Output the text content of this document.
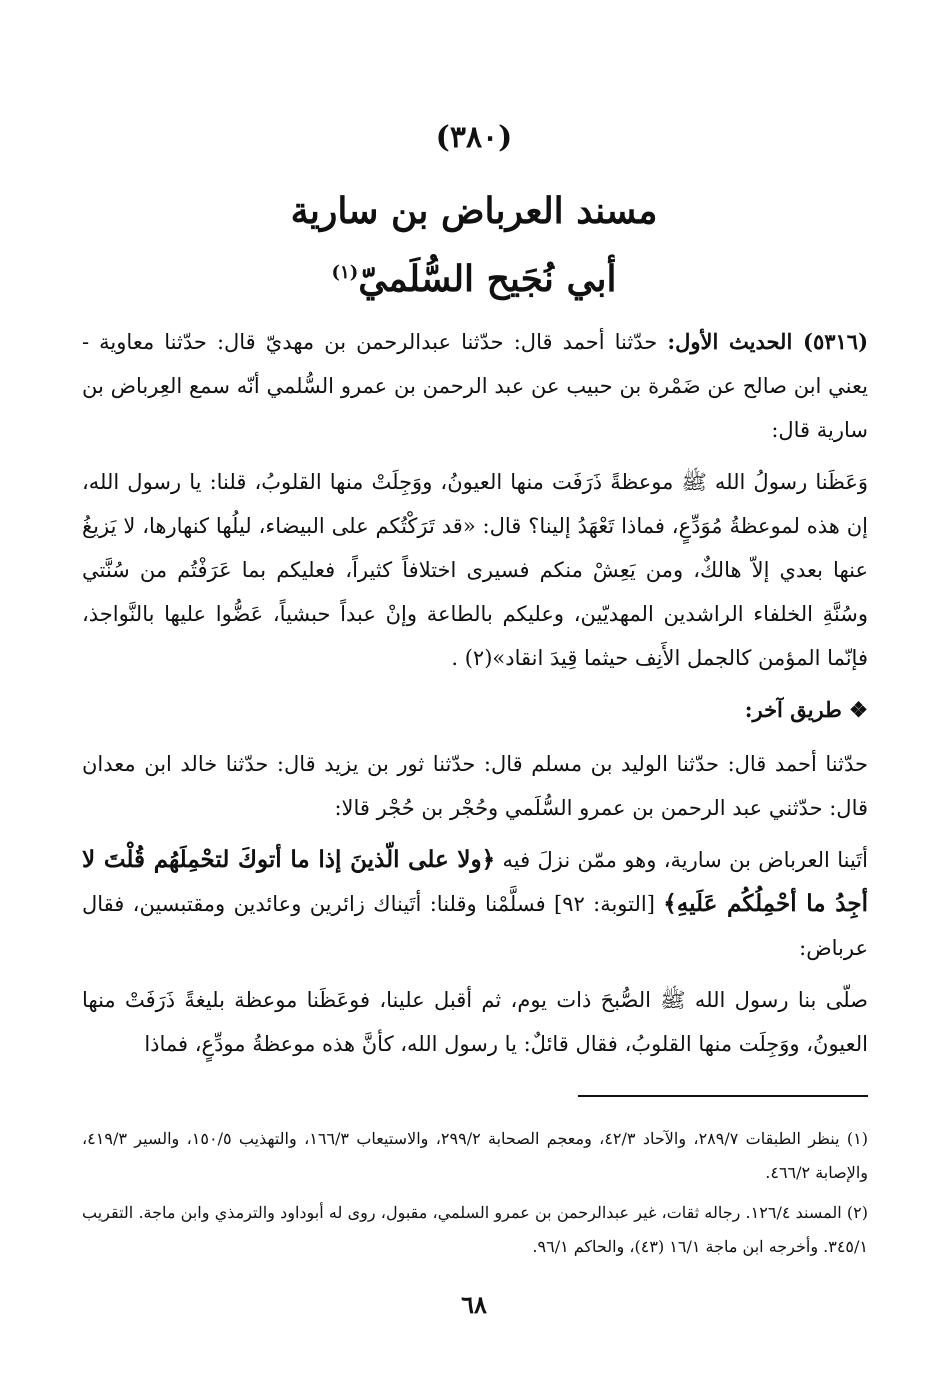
(٣٨٠)
مسند العرباض بن سارية
أبي نُجَيح السُّلَميّ$^{(١)}$

(٥٣١٦) الحديث الأول: حدّثنا أحمد قال: حدّثنا عبدالرحمن بن مهديّ قال: حدّثنا معاوية - يعني ابن صالح عن ضَمْرة بن حبيب عن عبد الرحمن بن عمرو السُّلمي أنّه سمع العِرباض بن سارية قال:

وَعَظَنا رسولُ الله ﷺ موعظةً ذَرَفَت منها العيونُ، ووَجِلَتْ منها القلوبُ، قلنا: يا رسول الله، إن هذه لموعظةُ مُوَدِّعٍ، فماذا تَعْهَدُ إلينا؟ قال: «قد تَرَكْتُكم على البيضاء، ليلُها كنهارها، لا يَزيغُ عنها بعدي إلاّ هالكٌ، ومن يَعِشْ منكم فسيرى اختلافاً كثيراً، فعليكم بما عَرَفْتُم من سُنَّتي وسُنَّةِ الخلفاء الراشدين المهديّين، وعليكم بالطاعة وإنْ عبداً حبشياً، عَضُّوا عليها بالنَّواجذ، فإنّما المؤمن كالجمل الأَنِف حيثما قِيدَ انقاد»(٢) .

❖ طريق آخر:

حدّثنا أحمد قال: حدّثنا الوليد بن مسلم قال: حدّثنا ثور بن يزيد قال: حدّثنا خالد ابن معدان قال: حدّثني عبد الرحمن بن عمرو السُّلَمي وحُجْر بن حُجْر قالا:

أتَينا العرباض بن سارية، وهو ممّن نزلَ فيه ﴿ولا على الّذينَ إذا ما أتوكَ لتحْمِلَهُم قُلْتَ لا أجِدُ ما أحْمِلُكُم عَلَيهِ﴾ [التوبة: ٩٢] فسلَّمْنا وقلنا: أتَيناك زائرين وعائدين ومقتبسين، فقال عرباض:

صلّى بنا رسول الله ﷺ الصُّبحَ ذات يوم، ثم أقبل علينا، فوعَظَنا موعظة بليغةً ذَرَفَتْ منها العيونُ، ووَجِلَت منها القلوبُ، فقال قائلٌ: يا رسول الله، كأنَّ هذه موعظةُ مودِّعٍ، فماذا

(١) ينظر الطبقات ٢٨٩/٧، والآحاد ٤٢/٣، ومعجم الصحابة ٢٩٩/٢، والاستيعاب ١٦٦/٣، والتهذيب ١٥٠/٥، والسير ٤١٩/٣، والإصابة ٤٦٦/٢.

(٢) المسند ١٢٦/٤. رجاله ثقات، غير عبدالرحمن بن عمرو السلمي، مقبول، روى له أبوداود والترمذي وابن ماجة. التقريب ٣٤٥/١. وأخرجه ابن ماجة ١٦/١ (٤٣)، والحاكم ٩٦/١.

٦٨
